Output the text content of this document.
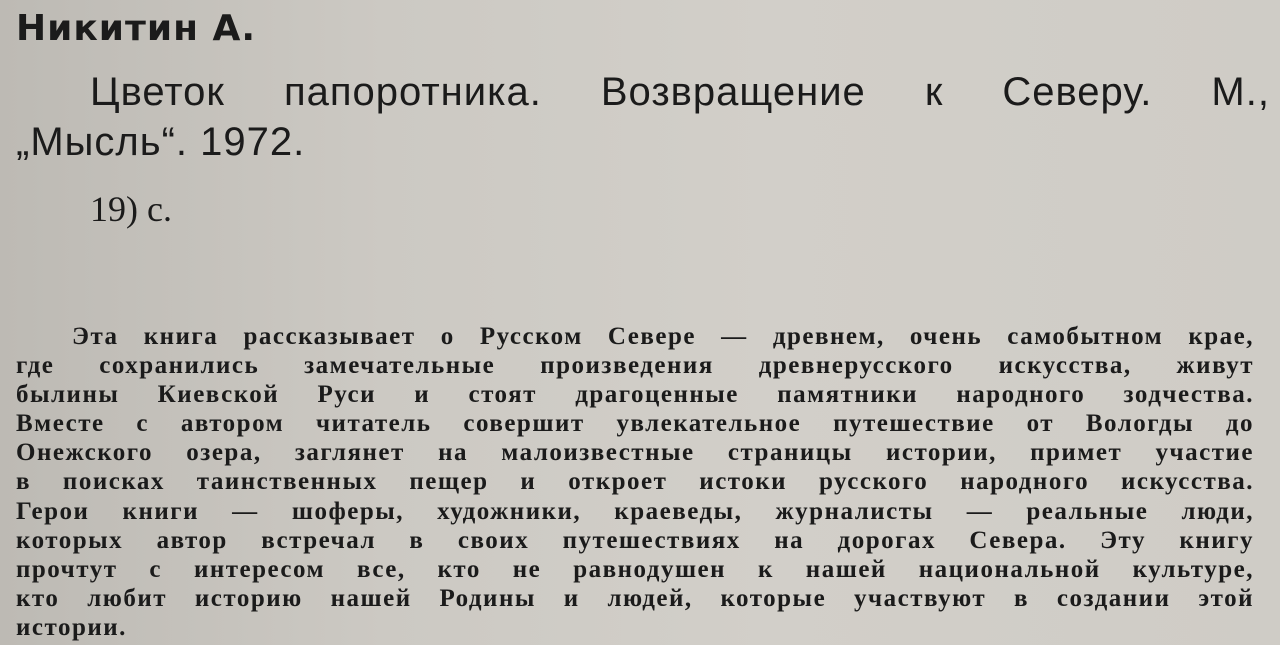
Никитин А.
Цветок папоротника. Возвращение к Северу. М.,
„Мысль“. 1972.
19) с.
Эта книга рассказывает о Русском Севере — древнем, очень самобытном крае,
где сохранились замечательные произведения древнерусского искусства, живут
былины Киевской Руси и стоят драгоценные памятники народного зодчества.
Вместе с автором читатель совершит увлекательное путешествие от Вологды до
Онежского озера, заглянет на малоизвестные страницы истории, примет участие
в поисках таинственных пещер и откроет истоки русского народного искусства.
Герои книги — шоферы, художники, краеведы, журналисты — реальные люди,
которых автор встречал в своих путешествиях на дорогах Севера. Эту книгу
прочтут с интересом все, кто не равнодушен к нашей национальной культуре,
кто любит историю нашей Родины и людей, которые участвуют в создании этой
истории.
